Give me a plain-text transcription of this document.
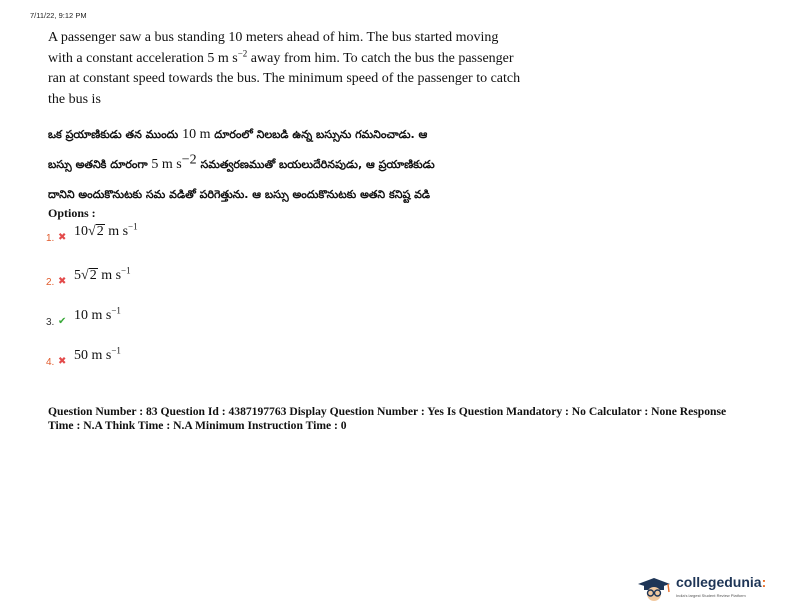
7/11/22, 9:12 PM
A passenger saw a bus standing 10 meters ahead of him. The bus started moving
with a constant acceleration 5 m $s^{-2}$ away from him. To catch the bus the passenger
ran at constant speed towards the bus. The minimum speed of the passenger to catch
the bus is
ఒక ప్రయాణికుడు తన ముందు 10 m దూరంలో నిలబడి ఉన్న బస్సును గమనించాడు. ఆ
బస్సు అతనికి దూరంగా 5 m $s^{-2}$ సమత్వరణముతో బయలుదేరినపుడు, ఆ ప్రయాణికుడు
దానిని అందుకొనుటకు సమ వడితో పరిగెత్తును. ఆ బస్సు అందుకొనుటకు అతని కనిష్ట వడి
Options :
1. ✖ 10√2 m $s^{-1}$
2. ✖ 5√2 m $s^{-1}$
3. ✔ 10 m $s^{-1}$
4. ✖ 50 m $s^{-1}$
Question Number : 83 Question Id : 4387197763 Display Question Number : Yes Is Question Mandatory : No Calculator : None Response
Time : N.A Think Time : N.A Minimum Instruction Time : 0
collegedunia:
India's largest Student Review Platform
